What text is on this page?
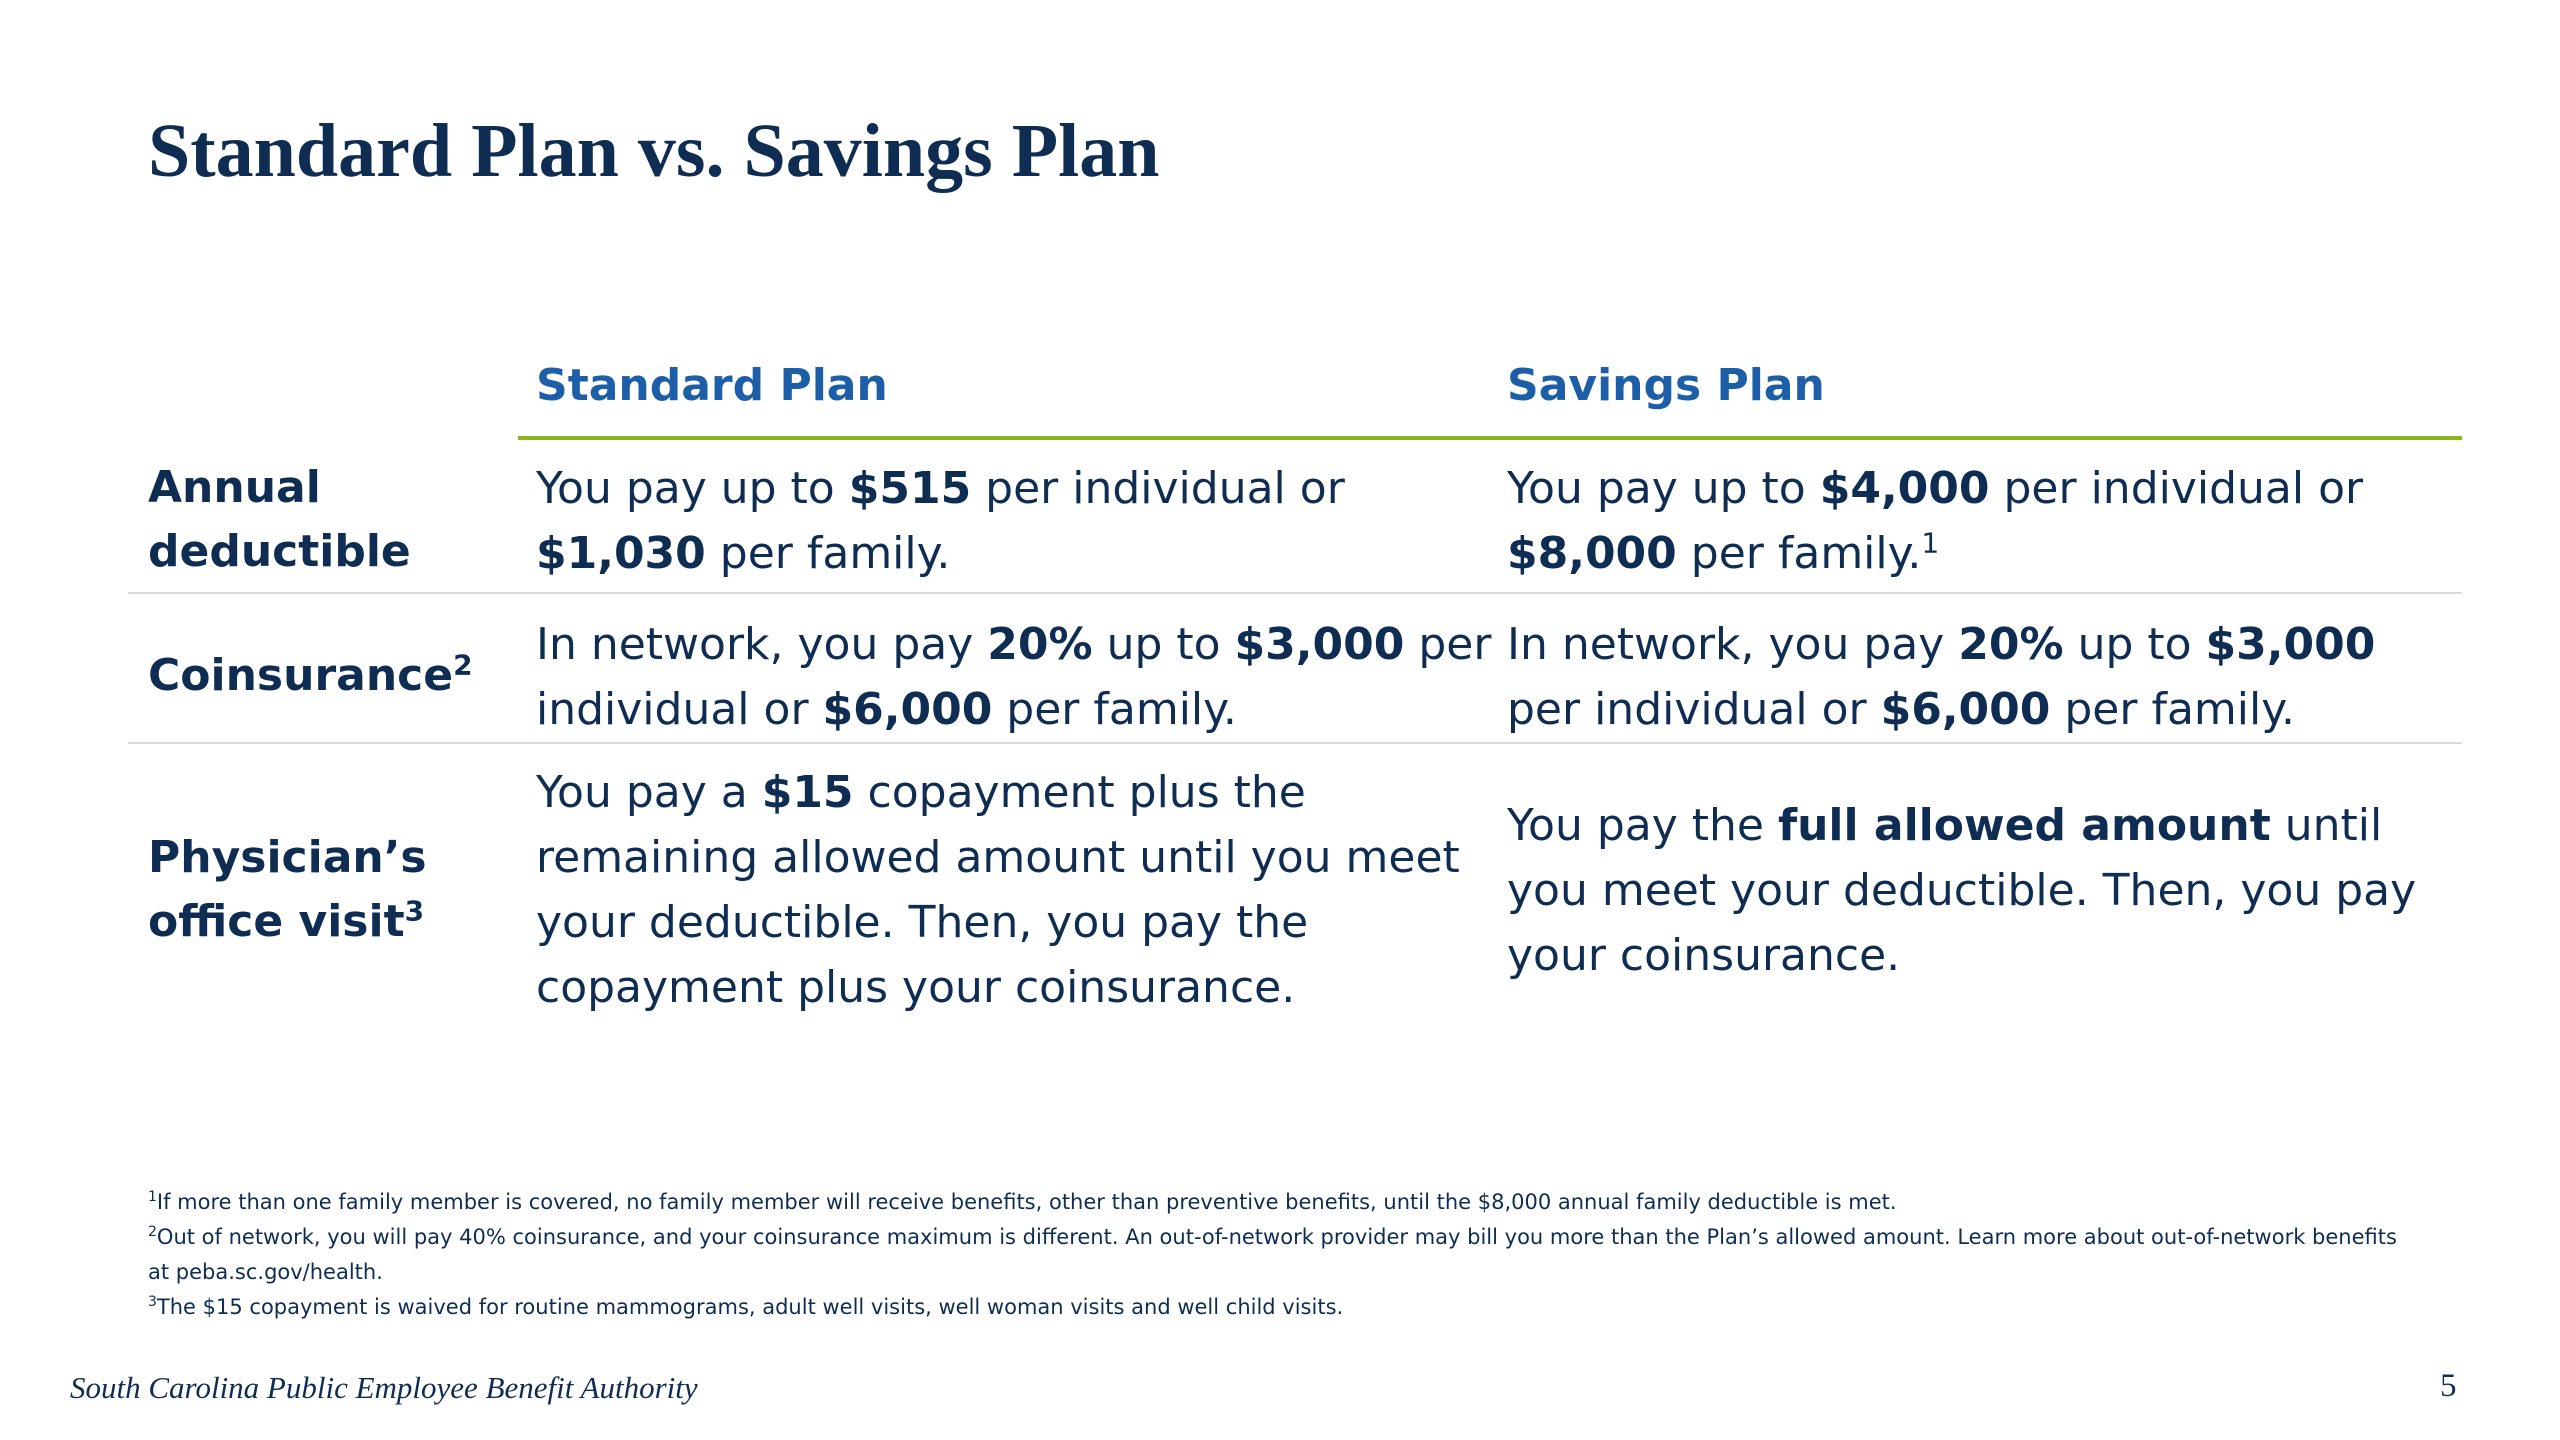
Standard Plan vs. Savings Plan
Standard Plan	Savings Plan
Annual
deductible
You pay up to $515 per individual or $1,030 per family.
You pay up to $4,000 per individual or $8,000 per family.$^1$
Coinsurance$^2$ In network, you pay 20% up to $3,000 per individual or $6,000 per family.
In network, you pay 20% up to $3,000 per individual or $6,000 per family.
Physician’s
office visit$^3$
You pay a $15 copayment plus the remaining allowed amount until you meet your deductible. Then, you pay the copayment plus your coinsurance.
You pay the full allowed amount until you meet your deductible. Then, you pay your coinsurance.
$^1$If more than one family member is covered, no family member will receive benefits, other than preventive benefits, until the $8,000 annual family deductible is met.
$^2$Out of network, you will pay 40% coinsurance, and your coinsurance maximum is different. An out-of-network provider may bill you more than the Plan’s allowed amount. Learn more about out-of-network benefits at peba.sc.gov/health.
$^3$The $15 copayment is waived for routine mammograms, adult well visits, well woman visits and well child visits.
South Carolina Public Employee Benefit Authority	5
